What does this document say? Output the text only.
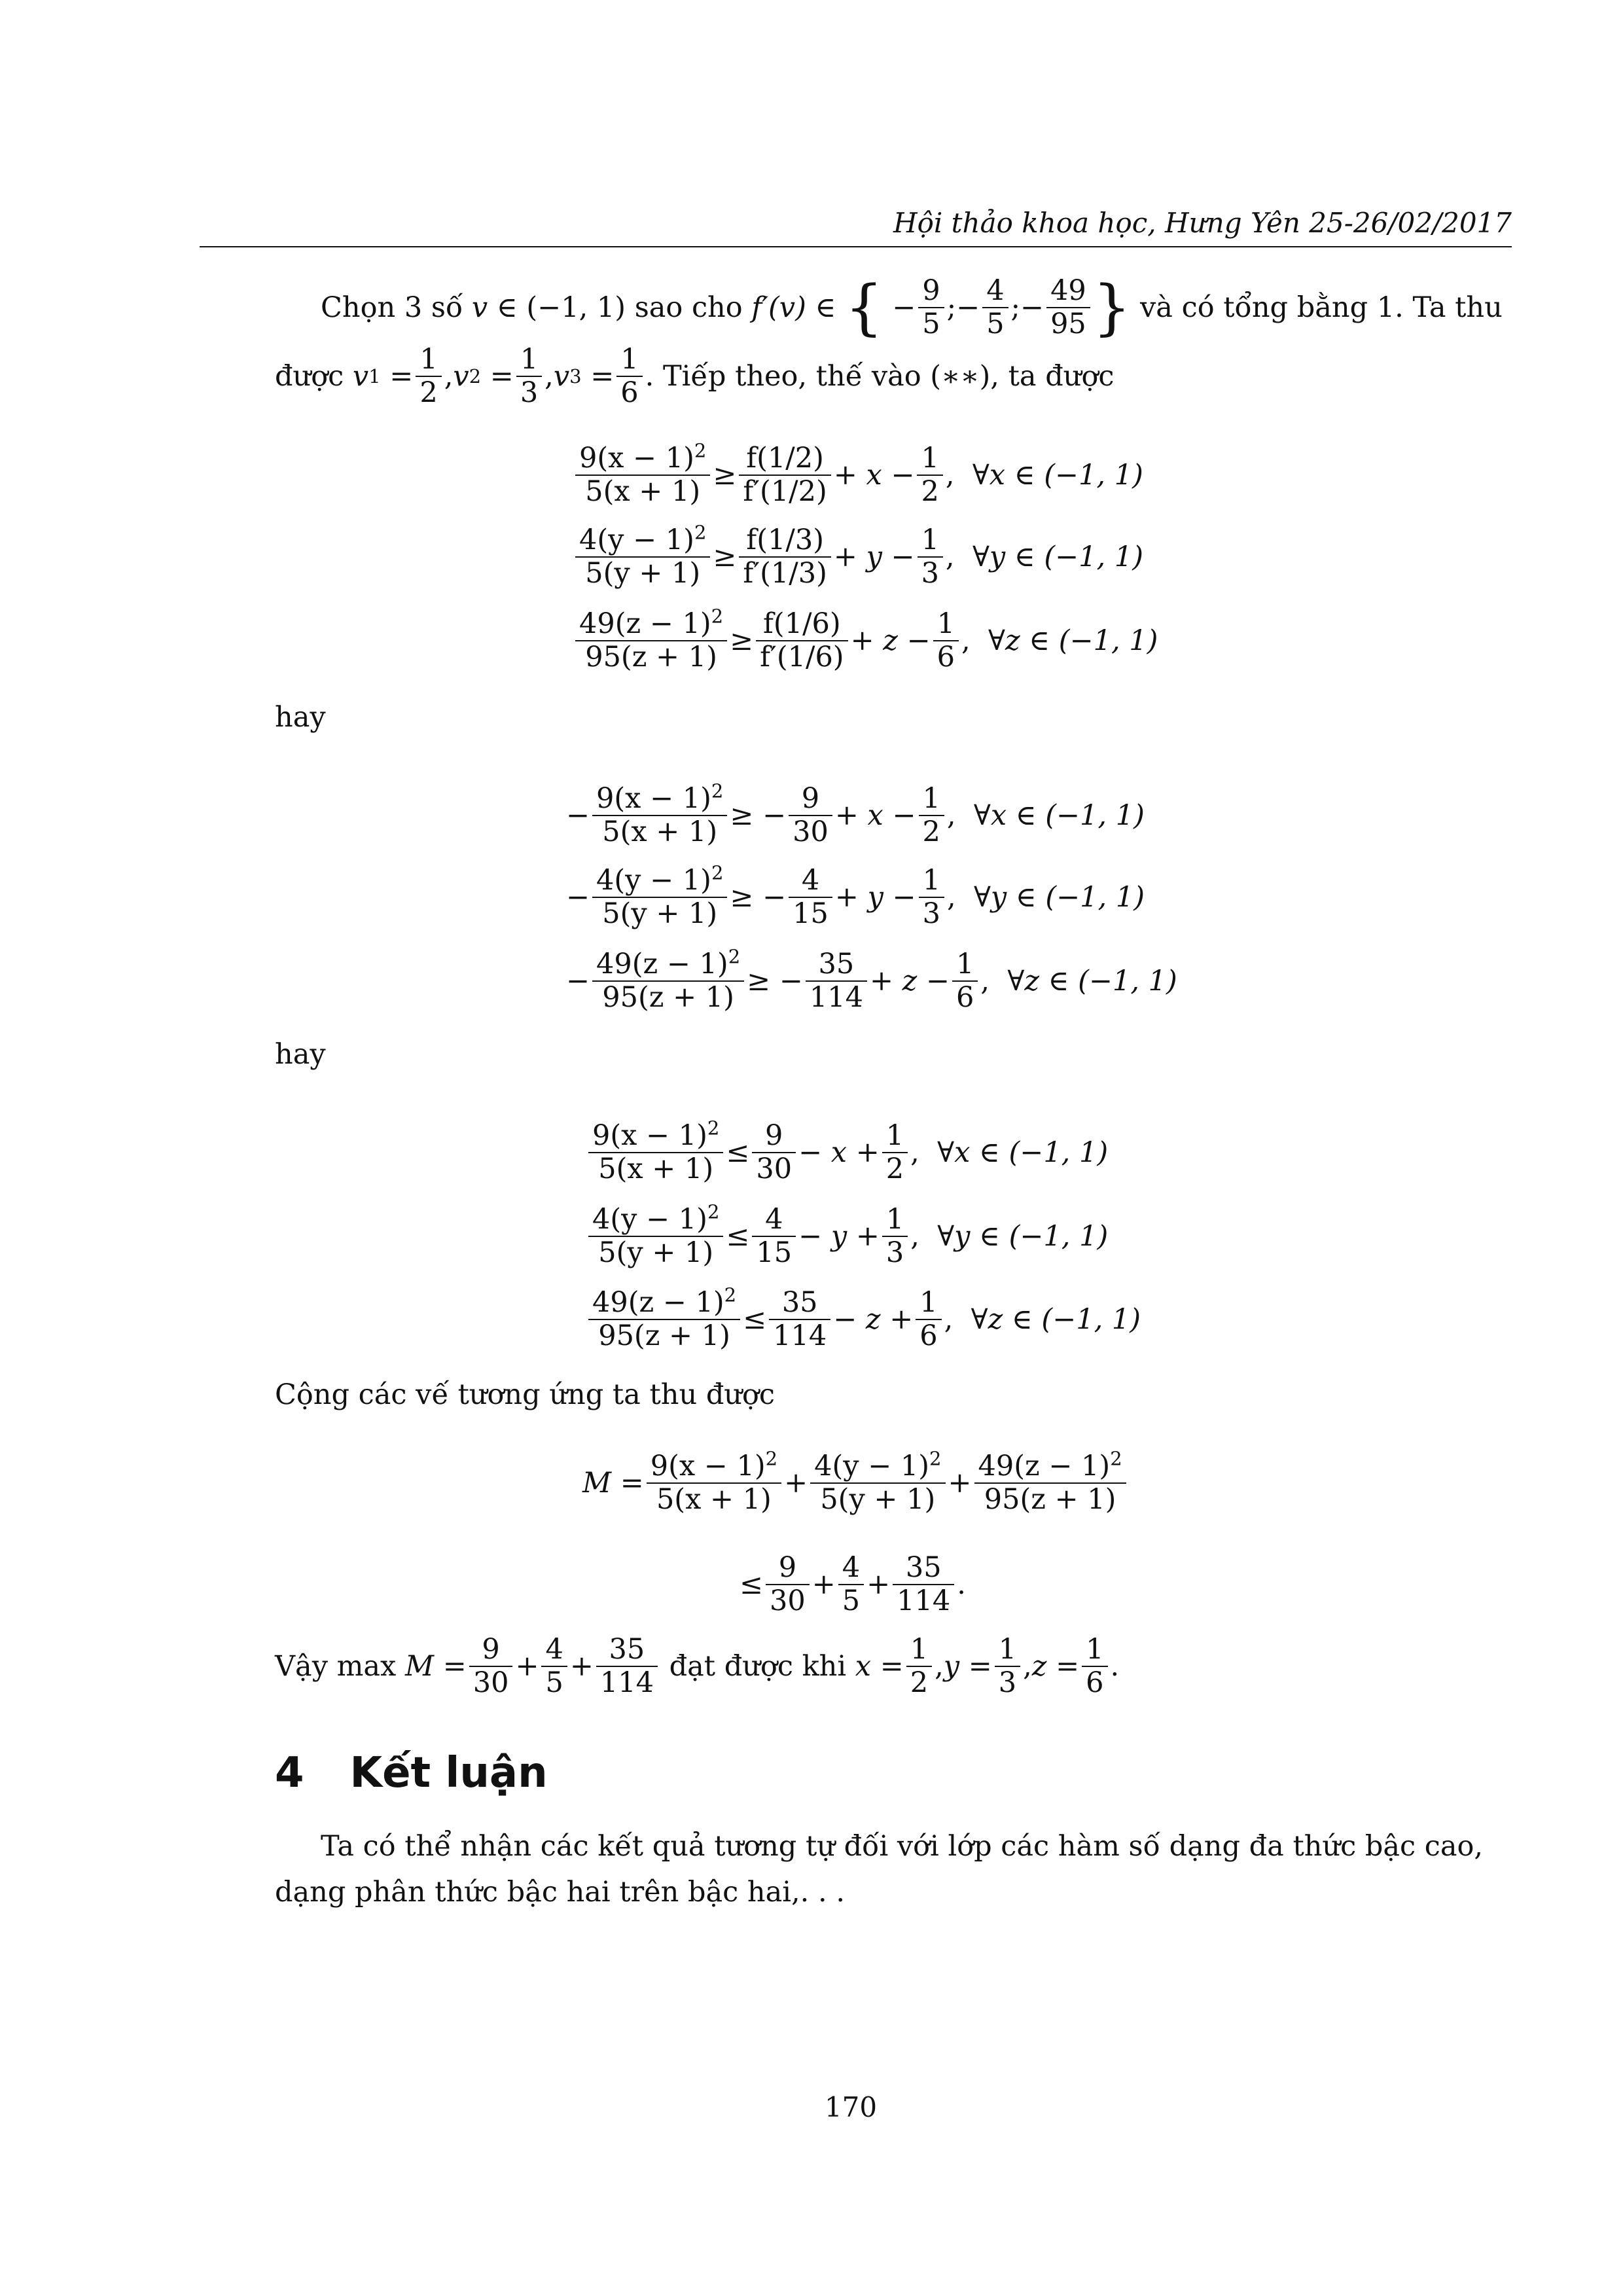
Hội thảo khoa học, Hưng Yên 25-26/02/2017
Chọn 3 số
v
∈
(−1, 1)
sao cho
f′(v)
∈
{
− $\frac{9}{5}$ ; − $\frac{4}{5}$ ; − $\frac{49}{95}$ }
và có tổng bằng 1. Ta thu
được
v 1
= $\frac{1}{2}$ , v 2
= $\frac{1}{3}$ , v 3
= $\frac{1}{6}$ . Tiếp theo, thế vào (∗∗), ta được
$\frac{9(x - 1)^2}{5(x + 1)} \ge \frac{f(1/2)}{f'(1/2)}$ +
x
− $\frac{1}{2}$ ,
∀x ∈ (−1, 1)
$\frac{4(y - 1)^2}{5(y + 1)} \ge \frac{f(1/3)}{f'(1/3)}$ +
y
− $\frac{1}{3}$ ,
∀y ∈ (−1, 1)
$\frac{49(z - 1)^2}{95(z + 1)} \ge \frac{f(1/6)}{f'(1/6)}$ +
z
− $\frac{1}{6}$ ,
∀z ∈ (−1, 1)
hay
− $\frac{9(x - 1)^2}{5(x + 1)}$ ≥
− $\frac{9}{30}$ +
x
− $\frac{1}{2}$ ,
∀x ∈ (−1, 1)
− $\frac{4(y - 1)^2}{5(y + 1)}$ ≥
− $\frac{4}{15}$ +
y
− $\frac{1}{3}$ ,
∀y ∈ (−1, 1)
− $\frac{49(z - 1)^2}{95(z + 1)}$ ≥
− $\frac{35}{114}$ +
z
− $\frac{1}{6}$ ,
∀z ∈ (−1, 1)
hay
$\frac{9(x - 1)^2}{5(x + 1)} \le \frac{9}{30}$ −
x
+ $\frac{1}{2}$ ,
∀x ∈ (−1, 1)
$\frac{4(y - 1)^2}{5(y + 1)} \le \frac{4}{15}$ −
y
+ $\frac{1}{3}$ ,
∀y ∈ (−1, 1)
$\frac{49(z - 1)^2}{95(z + 1)} \le \frac{35}{114}$ −
z
+ $\frac{1}{6}$ ,
∀z ∈ (−1, 1)
Cộng các vế tương ứng ta thu được
M
= $\frac{9(x - 1)^2}{5(x + 1)} + \frac{4(y - 1)^2}{5(y + 1)} + \frac{49(z - 1)^2}{95(z + 1)}$
≤ $\frac{9}{30} + \frac{4}{5} + \frac{35}{114}$ .
Vậy max
M
= $\frac{9}{30} + \frac{4}{5} + \frac{35}{114}$
đạt được khi
x
= $\frac{1}{2}$ , y
= $\frac{1}{3}$ , z
= $\frac{1}{6}$ .
4 Kết luận
Ta có thể nhận các kết quả tương tự đối với lớp các hàm số dạng đa thức bậc cao,
dạng phân thức bậc hai trên bậc hai,. . .
170
